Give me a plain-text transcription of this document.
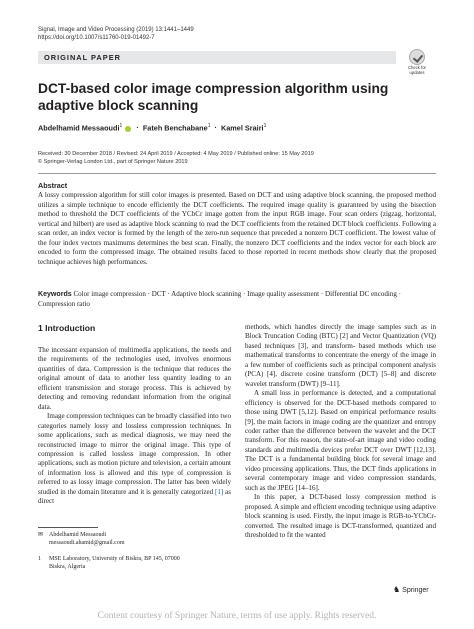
Signal, Image and Video Processing (2019) 13:1441–1449
https://doi.org/10.1007/s11760-019-01492-7
ORIGINAL PAPER
Check for
updates
DCT-based color image compression algorithm using adaptive block scanning
Abdelhamid Messaoudi$^1$ · Fateh Benchabane$^1$ · Kamel Srairi$^1$
Received: 30 December 2018 / Revised: 24 April 2019 / Accepted: 4 May 2019 / Published online: 15 May 2019
© Springer-Verlag London Ltd., part of Springer Nature 2019
Abstract
A lossy compression algorithm for still color images is presented. Based on DCT and using adaptive block scanning, the proposed method utilizes a simple technique to encode efficiently the DCT coefficients. The required image quality is guaranteed by using the bisection method to threshold the DCT coefficients of the YCbCr image gotten from the input RGB image. Four scan orders (zigzag, horizontal, vertical and hilbert) are used as adaptive block scanning to read the DCT coefficients from the retained DCT block coefficients. Following a scan order, an index vector is formed by the length of the zero-run sequence that preceded a nonzero DCT coefficient. The lowest value of the four index vectors maximums determines the best scan. Finally, the nonzero DCT coefficients and the index vector for each block are encoded to form the compressed image. The obtained results faced to those reported in recent methods show clearly that the proposed technique achieves high performances.
Keywords Color image compression · DCT · Adaptive block scanning · Image quality assessment · Differential DC encoding · Compression ratio
1 Introduction

The incessant expansion of multimedia applications, the needs and the requirements of the technologies used, involves enormous quantities of data. Compression is the technique that reduces the original amount of data to another less quantity leading to an efficient transmission and storage process. This is achieved by detecting and removing redundant information from the original data.

Image compression techniques can be broadly classified into two categories namely lossy and lossless compression techniques. In some applications, such as medical diagnosis, we may need the reconstructed image to mirror the original image. This type of compression is called lossless image compression. In other applications, such as motion picture and television, a certain amount of information loss is allowed and this type of compression is referred to as lossy image compression. The latter has been widely studied in the domain literature and it is generally categorized [1] as direct

methods, which handles directly the image samples such as in Block Truncation Coding (BTC) [2] and Vector Quantization (VQ) based techniques [3], and transform- based methods which use mathematical transforms to concentrate the energy of the image in a few number of coefficients such as principal component analysis (PCA) [4], discrete cosine transform (DCT) [5–8] and discrete wavelet transform (DWT) [9–11].

A small loss in performance is detected, and a computational efficiency is observed for the DCT-based methods compared to those using DWT [5,12]. Based on empirical performance results [9], the main factors in image coding are the quantizer and entropy coder rather than the difference between the wavelet and the DCT transform. For this reason, the state-of-art image and video coding standards and multimedia devices prefer DCT over DWT [12,13]. The DCT is a fundamental building block for several image and video processing applications. Thus, the DCT finds applications in several contemporary image and video compression standards, such as the JPEG [14–16].

In this paper, a DCT-based lossy compression method is proposed. A simple and efficient encoding technique using adaptive block scanning is used. Firstly, the input image is RGB-to-YCbCr-converted. The resulted image is DCT-transformed, quantized and thresholded to fit the wanted

✉ Abdelhamid Messaoudi
messaoudi.ahamid@gmail.com
1 MSE Laboratory, University of Biskra, BP 145, 07000
Biskra, Algeria
♞ Springer
Content courtesy of Springer Nature, terms of use apply. Rights reserved.
